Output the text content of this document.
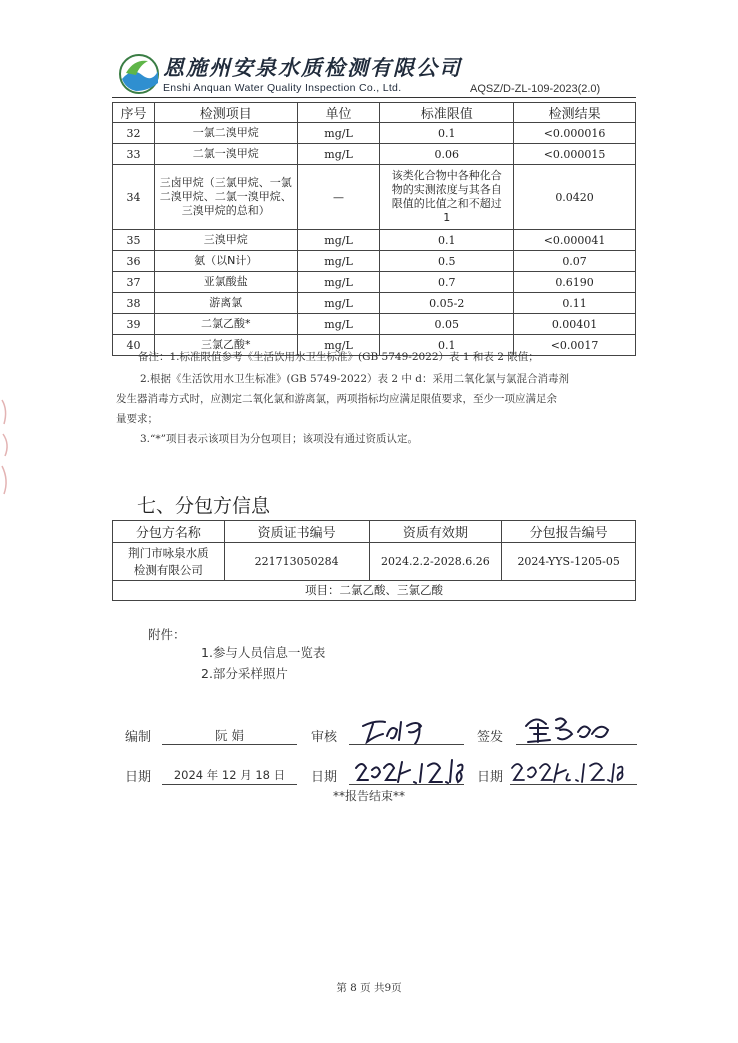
恩施州安泉水质检测有限公司
Enshi Anquan Water Quality Inspection Co., Ltd.	AQSZ/D-ZL-109-2023(2.0)
序号	检测项目	单位	标准限值	检测结果
32	一氯二溴甲烷	mg/L	0.1	<0.000016
33	二氯一溴甲烷	mg/L	0.06	<0.000015
34	三卤甲烷（三氯甲烷、一氯二溴甲烷、二氯一溴甲烷、三溴甲烷的总和）	—	该类化合物中各种化合物的实测浓度与其各自限值的比值之和不超过1	0.0420
35	三溴甲烷	mg/L	0.1	<0.000041
36	氨（以N计）	mg/L	0.5	0.07
37	亚氯酸盐	mg/L	0.7	0.6190
38	游离氯	mg/L	0.05-2	0.11
39	二氯乙酸*	mg/L	0.05	0.00401
40	三氯乙酸*	mg/L	0.1	<0.0017
备注：1.标准限值参考《生活饮用水卫生标准》(GB 5749-2022）表 1 和表 2 限值；
2.根据《生活饮用水卫生标准》(GB 5749-2022）表 2 中 d：采用二氧化氯与氯混合消毒剂
发生器消毒方式时，应测定二氧化氯和游离氯，两项指标均应满足限值要求，至少一项应满足余
量要求；
3.“*”项目表示该项目为分包项目；该项没有通过资质认定。
七、分包方信息
分包方名称	资质证书编号	资质有效期	分包报告编号

荆门市咏泉水质
检测有限公司	221713050284	2024.2.2-2028.6.26	2024-YYS-1205-05
项目：二氯乙酸、三氯乙酸			
附件：
1.参与人员信息一览表
2.部分采样照片
编制	阮 娟	审核	签发
日期	2024 年 12 月 18 日	日期	日期
**报告结束**
第 8 页 共9页
